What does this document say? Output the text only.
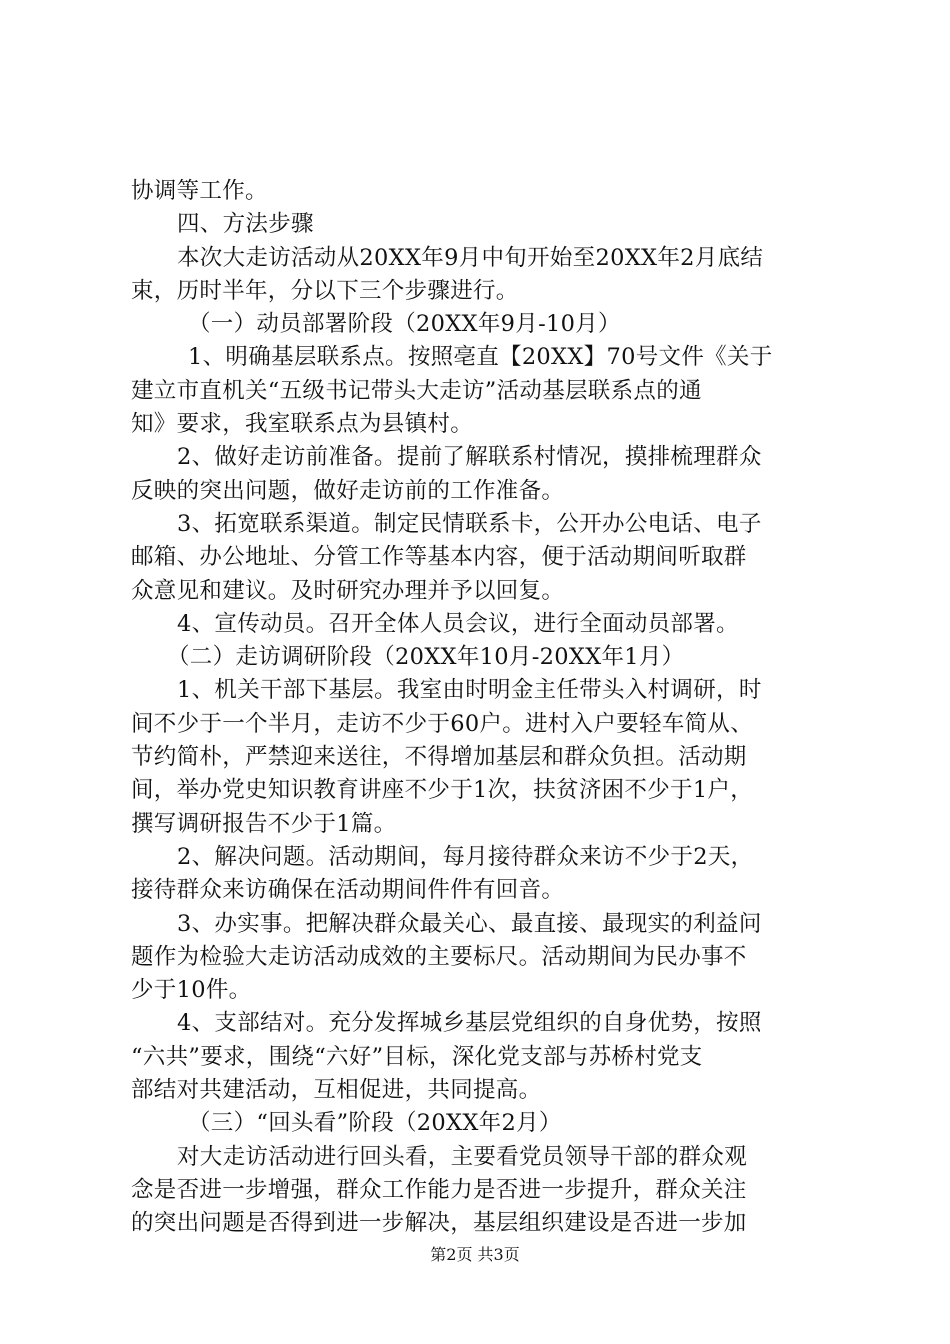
协调等工作。
四、方法步骤
本次大走访活动从20XX年9月中旬开始至20XX年2月底结
束，历时半年，分以下三个步骤进行。
（一）动员部署阶段（20XX年9月-10月）
1、明确基层联系点。按照亳直【20XX】70号文件《关于
建立市直机关“五级书记带头大走访”活动基层联系点的通
知》要求，我室联系点为县镇村。
2、做好走访前准备。提前了解联系村情况，摸排梳理群众
反映的突出问题，做好走访前的工作准备。
3、拓宽联系渠道。制定民情联系卡，公开办公电话、电子
邮箱、办公地址、分管工作等基本内容，便于活动期间听取群
众意见和建议。及时研究办理并予以回复。
4、宣传动员。召开全体人员会议，进行全面动员部署。
（二）走访调研阶段（20XX年10月-20XX年1月）
1、机关干部下基层。我室由时明金主任带头入村调研，时
间不少于一个半月，走访不少于60户。进村入户要轻车简从、
节约简朴，严禁迎来送往，不得增加基层和群众负担。活动期
间，举办党史知识教育讲座不少于1次，扶贫济困不少于1户，
撰写调研报告不少于1篇。
2、解决问题。活动期间，每月接待群众来访不少于2天，
接待群众来访确保在活动期间件件有回音。
3、办实事。把解决群众最关心、最直接、最现实的利益问
题作为检验大走访活动成效的主要标尺。活动期间为民办事不
少于10件。
4、支部结对。充分发挥城乡基层党组织的自身优势，按照
“六共”要求，围绕“六好”目标，深化党支部与苏桥村党支
部结对共建活动，互相促进，共同提高。
（三）“回头看”阶段（20XX年2月）
对大走访活动进行回头看，主要看党员领导干部的群众观
念是否进一步增强，群众工作能力是否进一步提升，群众关注
的突出问题是否得到进一步解决，基层组织建设是否进一步加
第2页 共3页
